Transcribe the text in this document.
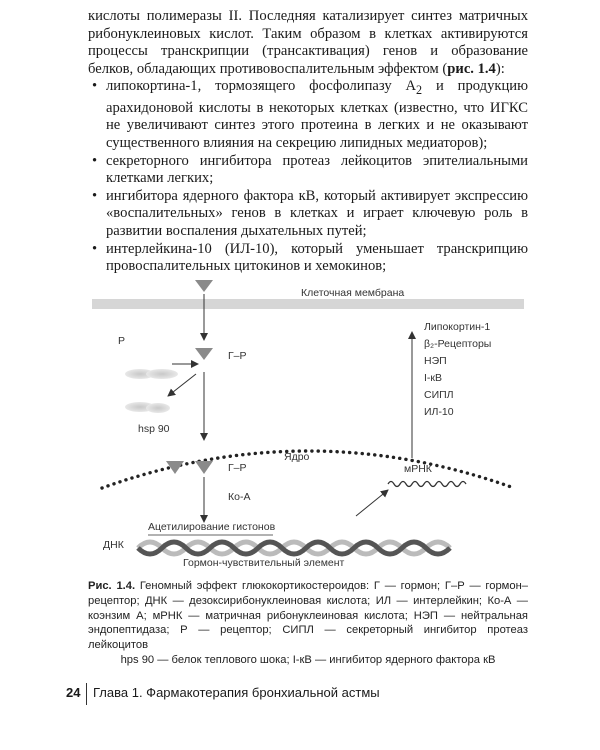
кислоты полимеразы II. Последняя катализирует синтез матричных рибонуклеиновых кислот. Таким образом в клетках активируются процессы транскрипции (трансактивация) генов и образование белков, обладающих противовоспалительным эффектом (рис. 1.4):

• липокортина-1, тормозящего фосфолипазу $A_2$ и продукцию арахидоновой кислоты в некоторых клетках (известно, что ИГКС не увеличивают синтез этого протеина в легких и не оказывают существенного влияния на секрецию липидных медиаторов);
• секреторного ингибитора протеаз лейкоцитов эпителиальными клетками легких;
• ингибитора ядерного фактора кB, который активирует экспрессию «воспалительных» генов в клетках и играет ключевую роль в развитии воспаления дыхательных путей;
• интерлейкина-10 (ИЛ-10), который уменьшает транскрипцию провоспалительных цитокинов и хемокинов;
Клеточная мембрана
Р
Г–Р
hsp 90
Ядро
Г–Р
Ко-А
Ацетилирование гистонов
ДНК
Гормон-чувствительный элемент
мРНК
Липокортин-1
β₂-Рецепторы
НЭП
I-кB
СИПЛ
ИЛ-10
Рис. 1.4. Геномный эффект глюкокортикостероидов: Г — гормон; Г–Р — гормон–рецептор; ДНК — дезоксирибонуклеиновая кислота; ИЛ — интерлейкин; Ко-А — коэнзим А; мРНК — матричная рибонуклеиновая кислота; НЭП — нейтральная эндопептидаза; Р — рецептор; СИПЛ — секреторный ингибитор протеаз лейкоцитов
hps 90 — белок теплового шока; I-кB — ингибитор ядерного фактора кB
24 Глава 1. Фармакотерапия бронхиальной астмы
